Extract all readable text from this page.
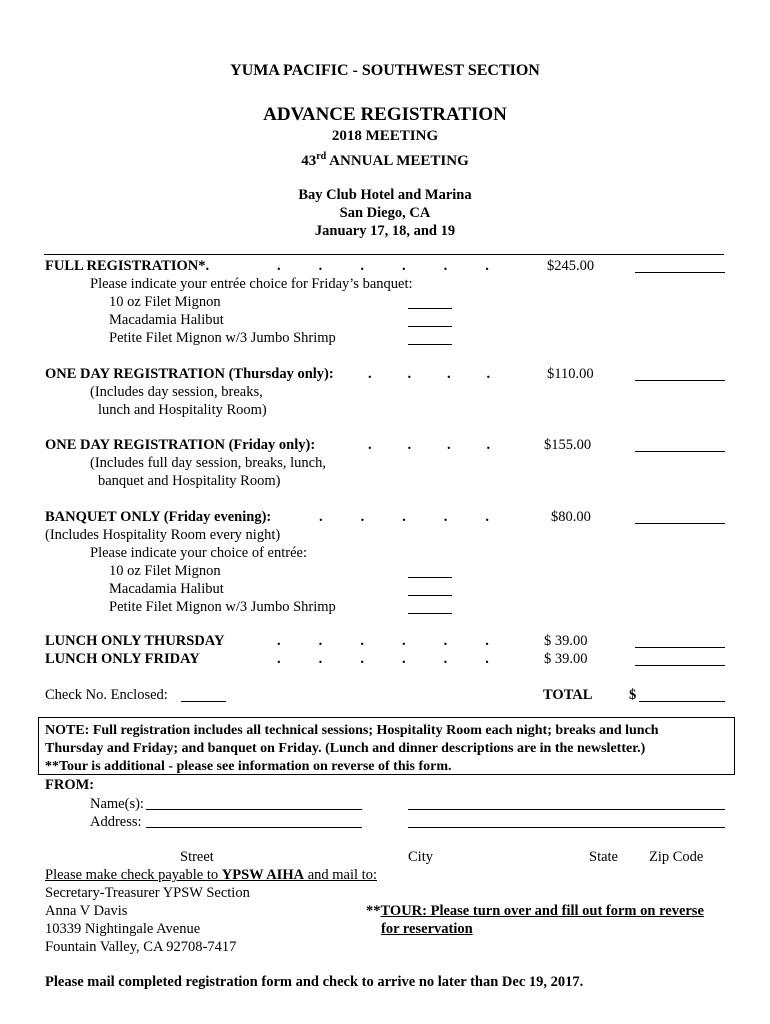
YUMA PACIFIC - SOUTHWEST SECTION
ADVANCE REGISTRATION
2018 MEETING
43rd ANNUAL MEETING
Bay Club Hotel and Marina
San Diego, CA
January 17, 18, and 19
FULL REGISTRATION*.	.	.	.	.	.	.	$245.00
Please indicate your entrée choice for Friday’s banquet:
10 oz Filet Mignon
Macadamia Halibut
Petite Filet Mignon w/3 Jumbo Shrimp
ONE DAY REGISTRATION (Thursday only): . . . .	$110.00
(Includes day session, breaks,
lunch and Hospitality Room)
ONE DAY REGISTRATION (Friday only):	. . . .	$155.00
(Includes full day session, breaks, lunch,
banquet and Hospitality Room)
BANQUET ONLY (Friday evening):	.	.	.	.	.	$80.00
(Includes Hospitality Room every night)
Please indicate your choice of entrée:
10 oz Filet Mignon
Macadamia Halibut
Petite Filet Mignon w/3 Jumbo Shrimp
LUNCH ONLY THURSDAY	.	.	.	.	.	.	$ 39.00
LUNCH ONLY FRIDAY	.	.	.	.	.	.	$ 39.00
Check No. Enclosed:	TOTAL	$
NOTE: Full registration includes all technical sessions; Hospitality Room each night; breaks and lunch
Thursday and Friday; and banquet on Friday. (Lunch and dinner descriptions are in the newsletter.)
**Tour is additional - please see information on reverse of this form.
FROM:
Name(s):
Address:
Street	City	State Zip Code
Please make check payable to YPSW AIHA and mail to:
Secretary-Treasurer YPSW Section
Anna V Davis
10339 Nightingale Avenue
Fountain Valley, CA 92708-7417
**TOUR: Please turn over and fill out form on reverse
for reservation
Please mail completed registration form and check to arrive no later than Dec 19, 2017.
